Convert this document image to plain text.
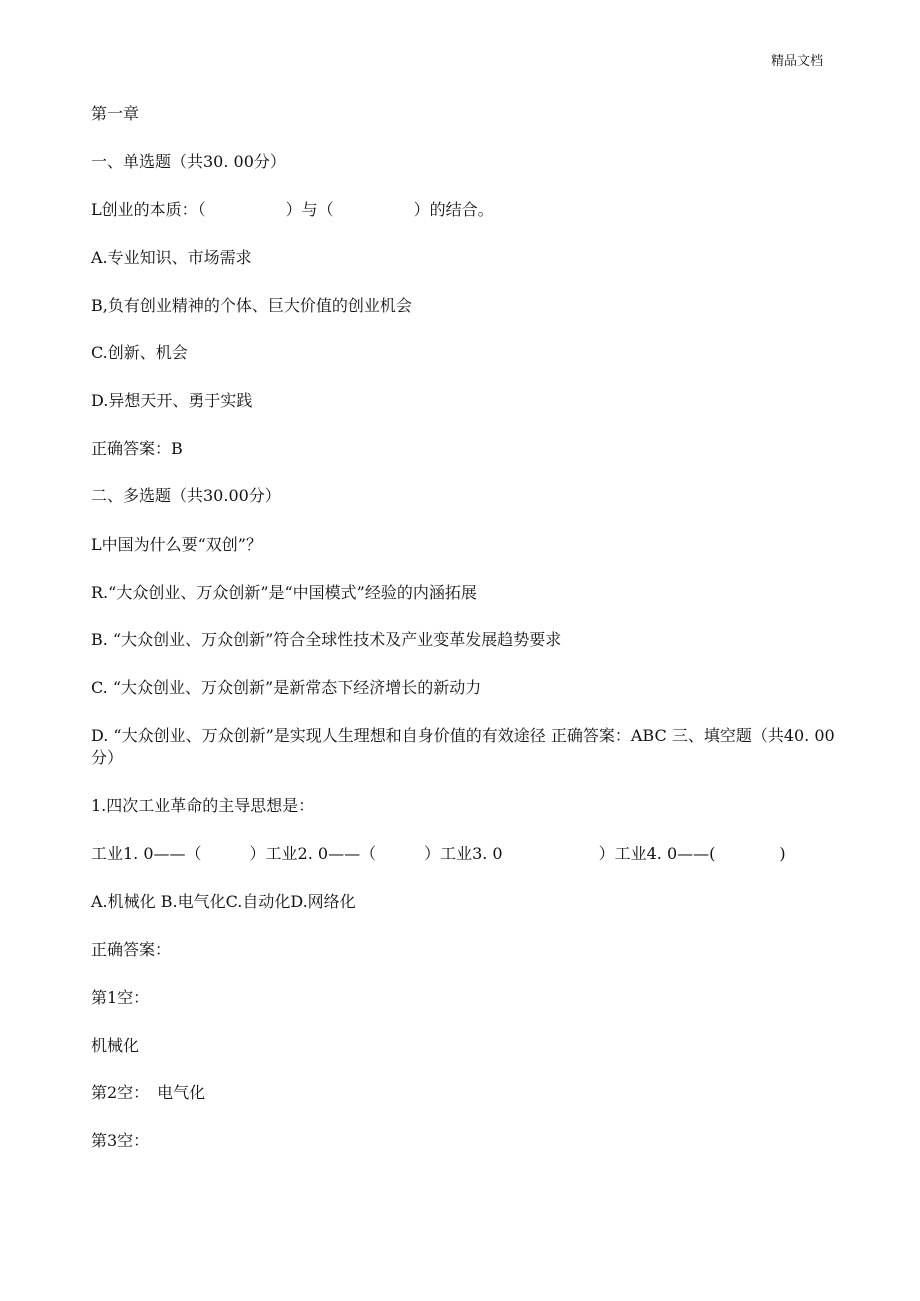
精品文档
第一章
一、单选题（共30. 00分）
L创业的本质：（　　　　　）与（　　　　　）的结合。
A.专业知识、市场需求
B,负有创业精神的个体、巨大价值的创业机会
C.创新、机会
D.异想天开、勇于实践
正确答案：B
二、多选题（共30.00分）
L中国为什么要“双创”？
R.“大众创业、万众创新”是“中国模式”经验的内涵拓展
B. “大众创业、万众创新”符合全球性技术及产业变革发展趋势要求
C. “大众创业、万众创新”是新常态下经济增长的新动力
D. “大众创业、万众创新”是实现人生理想和自身价值的有效途径 正确答案：ABC 三、填空题（共40. 00分）
1.四次工业革命的主导思想是：
工业1. 0——（　　　）工业2. 0——（　　　）工业3. 0　　　　　　）工业4. 0——(　　　　)
A.机械化 B.电气化C.自动化D.网络化
正确答案：
第1空：
机械化
第2空：　电气化
第3空：
